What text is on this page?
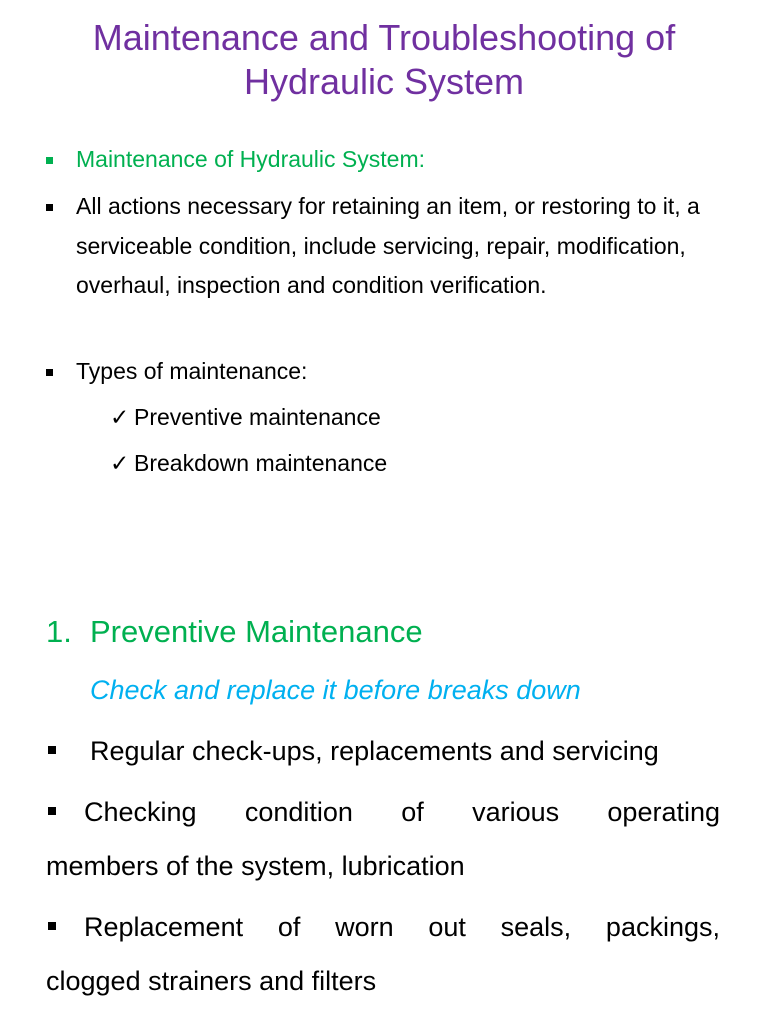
Maintenance and Troubleshooting of
Hydraulic System
Maintenance of Hydraulic System:
All actions necessary for retaining an item, or restoring to it, a serviceable condition, include servicing, repair, modification, overhaul, inspection and condition verification.
Types of maintenance:
✓ Preventive maintenance
✓ Breakdown maintenance
1. Preventive Maintenance
Check and replace it before breaks down
Regular check-ups, replacements and servicing
Checking condition of various operating
members of the system, lubrication
Replacement of worn out seals, packings,
clogged strainers and filters
